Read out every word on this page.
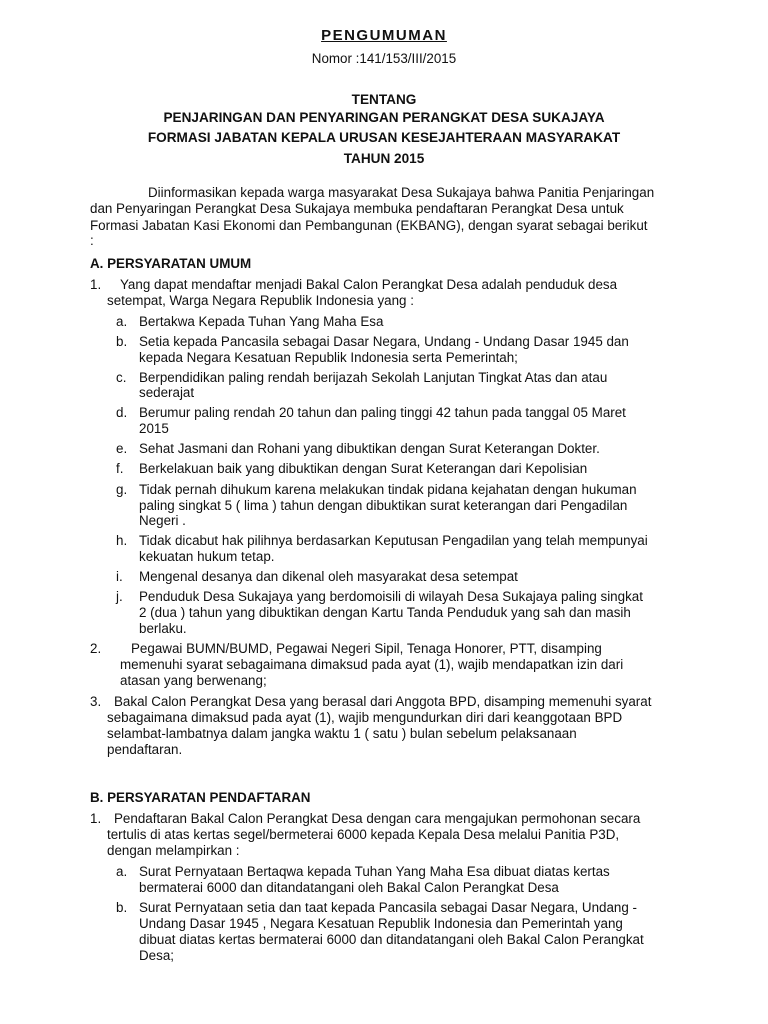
PENGUMUMAN
Nomor :141/153/III/2015
TENTANG
PENJARINGAN DAN PENYARINGAN PERANGKAT DESA SUKAJAYA
FORMASI JABATAN KEPALA URUSAN KESEJAHTERAAN MASYARAKAT
TAHUN 2015
Diinformasikan kepada warga masyarakat Desa Sukajaya bahwa Panitia Penjaringan
dan Penyaringan Perangkat Desa Sukajaya membuka pendaftaran Perangkat Desa untuk
Formasi Jabatan Kasi Ekonomi dan Pembangunan (EKBANG), dengan syarat sebagai berikut
:
A. PERSYARATAN UMUM
1. Yang dapat mendaftar menjadi Bakal Calon Perangkat Desa adalah penduduk desa
setempat, Warga Negara Republik Indonesia yang :
a. Bertakwa Kepada Tuhan Yang Maha Esa
b. Setia kepada Pancasila sebagai Dasar Negara, Undang - Undang Dasar 1945 dan
kepada Negara Kesatuan Republik Indonesia serta Pemerintah;
c. Berpendidikan paling rendah berijazah Sekolah Lanjutan Tingkat Atas dan atau
sederajat
d. Berumur paling rendah 20 tahun dan paling tinggi 42 tahun pada tanggal 05 Maret
2015
e. Sehat Jasmani dan Rohani yang dibuktikan dengan Surat Keterangan Dokter.
f. Berkelakuan baik yang dibuktikan dengan Surat Keterangan dari Kepolisian
g. Tidak pernah dihukum karena melakukan tindak pidana kejahatan dengan hukuman
paling singkat 5 ( lima ) tahun dengan dibuktikan surat keterangan dari Pengadilan
Negeri .
h. Tidak dicabut hak pilihnya berdasarkan Keputusan Pengadilan yang telah mempunyai
kekuatan hukum tetap.
i. Mengenal desanya dan dikenal oleh masyarakat desa setempat
j. Penduduk Desa Sukajaya yang berdomoisili di wilayah Desa Sukajaya paling singkat
2 (dua ) tahun yang dibuktikan dengan Kartu Tanda Penduduk yang sah dan masih
berlaku.
2. Pegawai BUMN/BUMD, Pegawai Negeri Sipil, Tenaga Honorer, PTT, disamping
memenuhi syarat sebagaimana dimaksud pada ayat (1), wajib mendapatkan izin dari
atasan yang berwenang;
3. Bakal Calon Perangkat Desa yang berasal dari Anggota BPD, disamping memenuhi syarat
sebagaimana dimaksud pada ayat (1), wajib mengundurkan diri dari keanggotaan BPD
selambat-lambatnya dalam jangka waktu 1 ( satu ) bulan sebelum pelaksanaan
pendaftaran.
B. PERSYARATAN PENDAFTARAN
1. Pendaftaran Bakal Calon Perangkat Desa dengan cara mengajukan permohonan secara
tertulis di atas kertas segel/bermeterai 6000 kepada Kepala Desa melalui Panitia P3D,
dengan melampirkan :
a. Surat Pernyataan Bertaqwa kepada Tuhan Yang Maha Esa dibuat diatas kertas
bermaterai 6000 dan ditandatangani oleh Bakal Calon Perangkat Desa
b. Surat Pernyataan setia dan taat kepada Pancasila sebagai Dasar Negara, Undang -
Undang Dasar 1945 , Negara Kesatuan Republik Indonesia dan Pemerintah yang
dibuat diatas kertas bermaterai 6000 dan ditandatangani oleh Bakal Calon Perangkat
Desa;
